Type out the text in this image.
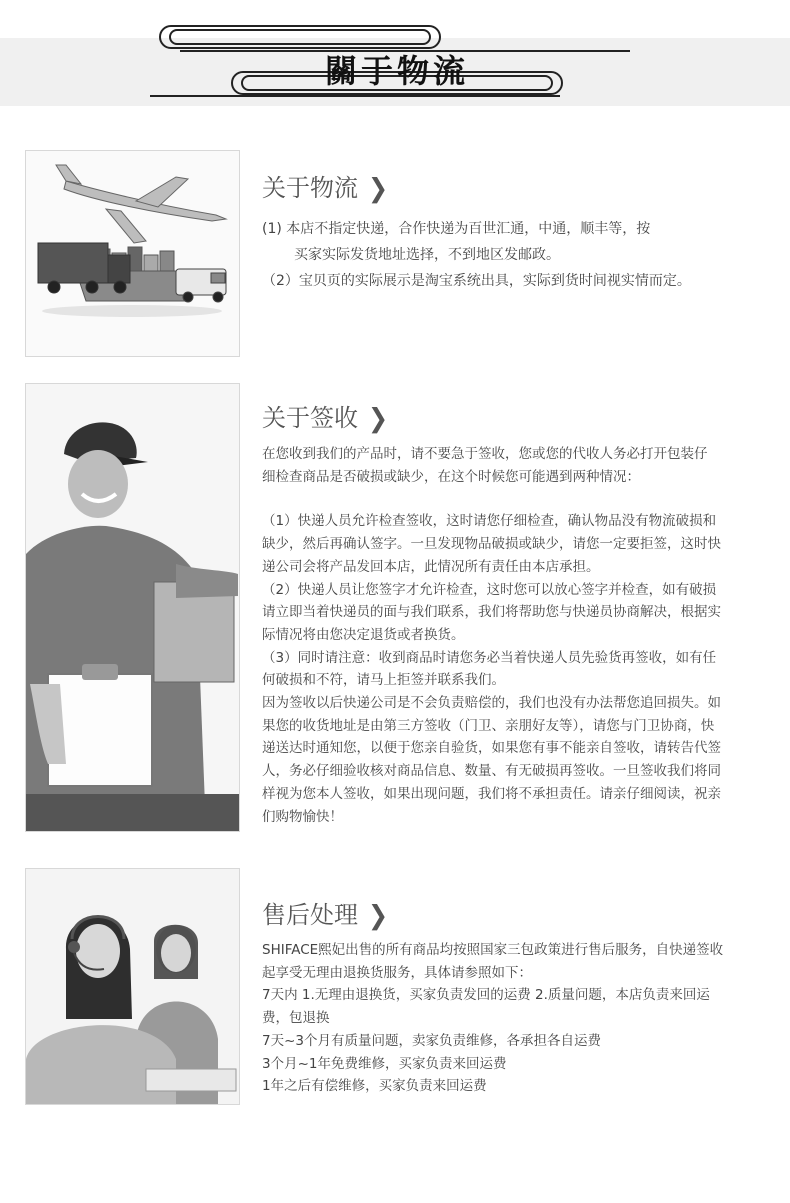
關于物流
关于物流 ❯

(1) 本店不指定快递，合作快递为百世汇通，中通，顺丰等，按

买家实际发货地址选择，不到地区发邮政。

（2）宝贝页的实际展示是淘宝系统出具，实际到货时间视实情而定。

关于签收 ❯

在您收到我们的产品时，请不要急于签收，您或您的代收人务必打开包装仔

细检查商品是否破损或缺少，在这个时候您可能遇到两种情况：

（1）快递人员允许检查签收，这时请您仔细检查，确认物品没有物流破损和

缺少，然后再确认签字。一旦发现物品破损或缺少，请您一定要拒签，这时快

递公司会将产品发回本店，此情况所有责任由本店承担。

（2）快递人员让您签字才允许检查，这时您可以放心签字并检查，如有破损

请立即当着快递员的面与我们联系，我们将帮助您与快递员协商解决，根据实

际情况将由您决定退货或者换货。

（3）同时请注意：收到商品时请您务必当着快递人员先验货再签收，如有任

何破损和不符，请马上拒签并联系我们。

因为签收以后快递公司是不会负责赔偿的，我们也没有办法帮您追回损失。如

果您的收货地址是由第三方签收（门卫、亲朋好友等），请您与门卫协商，快

递送达时通知您，以便于您亲自验货，如果您有事不能亲自签收，请转告代签

人，务必仔细验收核对商品信息、数量、有无破损再签收。一旦签收我们将同

样视为您本人签收，如果出现问题，我们将不承担责任。请亲仔细阅读，祝亲

们购物愉快！

售后处理 ❯

SHIFACE熙妃出售的所有商品均按照国家三包政策进行售后服务，自快递签收

起享受无理由退换货服务，具体请参照如下：

7天内 1.无理由退换货，买家负责发回的运费 2.质量问题，本店负责来回运

费，包退换

7天~3个月有质量问题，卖家负责维修，各承担各自运费

3个月~1年免费维修，买家负责来回运费

1年之后有偿维修，买家负责来回运费
